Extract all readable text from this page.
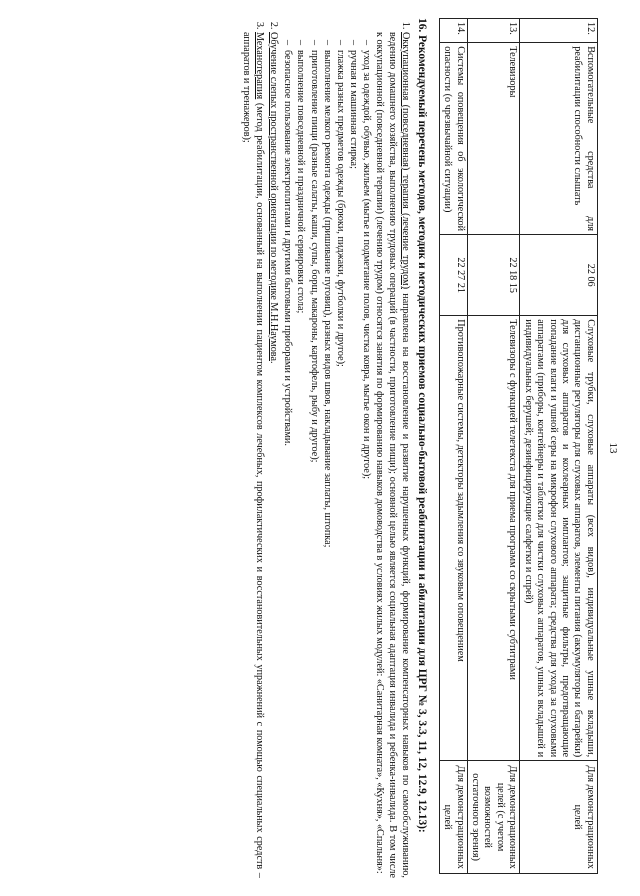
13
12.	Вспомогательные средства для реабилитации способности слышать	22 06	Слуховые трубки, слуховые аппараты (всех видов), индивидуальные ушные вкладыши, дистанционные регуляторы для слуховых аппаратов, элементы питания (аккумуляторы и батарейки) для слуховых аппаратов и кохлеарных имплантов; защитные фильтры, предотвращающие попадание влаги и ушной серы на микрофон слухового аппарата; средства для ухода за слуховыми аппаратами (приборы, контейнеры и таблетки для чистки слуховых аппаратов, ушных вкладышей и индивидуальных берушей; дезинфицирующие салфетки и спрей)	Для демонстрационных целей
13.	Телевизоры	22 18 15	Телевизоры с функцией телетекста для приема программ со скрытыми субтитрами	Для демонстрационных целей (с учетом возможностей остаточного зрения)
14.	Системы оповещения об экологической опасности (о чрезвычайной ситуации)	22 27 21	Противопожарные системы, детекторы задымления со звуковым оповещением	Для демонстрационных целей
16. Рекомендуемый перечень методов, методик и методических приемов социально-бытовой реабилитации и абилитации для ЦРГ № 3, 3.3, 11, 12, 12.9, 12.13):
1. Оккупационная (повседневная) терапия (лечение трудом) направлена на восстановление и развитие нарушенных функций, формирование компенсаторных навыков по самообслуживанию, ведению домашнего хозяйства, выполнению трудовых операций (в частности, приготовление пищи); основной целью является социальная адаптация инвалида и ребенка-инвалида. В том числе к оккупационной (повседневной терапии) (лечению трудом) относятся занятия по формированию навыков домоводства в условиях жилых модулей: «Санитарная комната», «Кухня», «Спальня»:
– уход за одеждой, обувью, жильем (мытье и подметание полов, чистка ковра, мытье окон и другое);
– ручная и машинная стирка;
– глажка разных предметов одежды (брюки, пиджаки, футболки и другое);
– выполнение мелкого ремонта одежды (пришивание пуговиц), разных видов швов, накладывание заплаты, штопка;
– приготовление пищи (разные салаты, каши, супы, борщ, макароны, картофель, рыбу и другое);
– выполнение повседневной и праздничной сервировки стола;
– безопасное пользование электроплитами и другими бытовыми приборами и устройствами.
2. Обучение слепых пространственной ориентации по методике М.Н.Наумова.
3. Механотерапия (метод реабилитации, основанный на выполнении пациентом комплексов лечебных, профилактических и восстановительных упражнений с помощью специальных средств – аппаратов и тренажеров);
